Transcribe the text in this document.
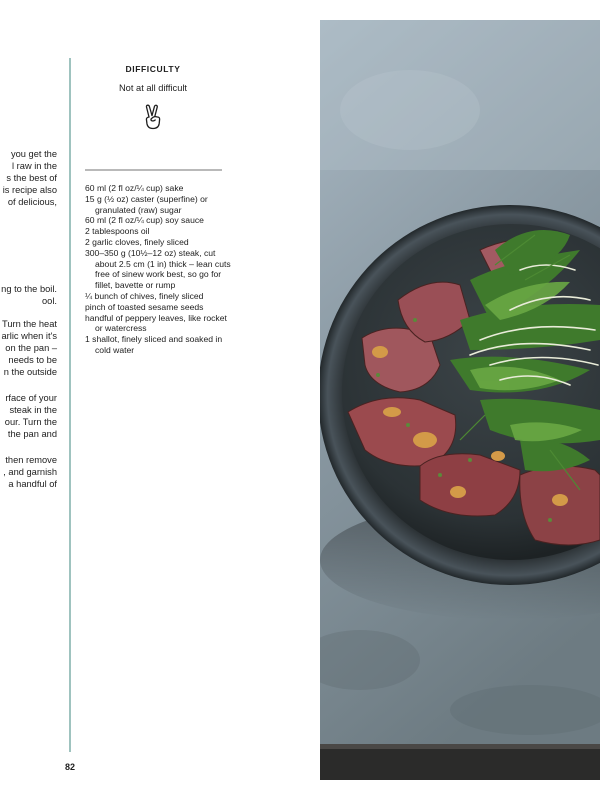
you get the
l raw in the
s the best of
is recipe also
of delicious,
ng to the boil.
ool.
Turn the heat
arlic when it's
on the pan –
needs to be
n the outside
rface of your
steak in the
our. Turn the
the pan and
then remove
, and garnish
a handful of
82
DIFFICULTY
Not at all difficult
60 ml (2 fl oz/¼ cup) sake
15 g (½ oz) caster (superfine) or granulated (raw) sugar
60 ml (2 fl oz/¼ cup) soy sauce
2 tablespoons oil
2 garlic cloves, finely sliced
300–350 g (10½–12 oz) steak, cut about 2.5 cm (1 in) thick – lean cuts free of sinew work best, so go for fillet, bavette or rump
¼ bunch of chives, finely sliced
pinch of toasted sesame seeds
handful of peppery leaves, like rocket or watercress
1 shallot, finely sliced and soaked in cold water
